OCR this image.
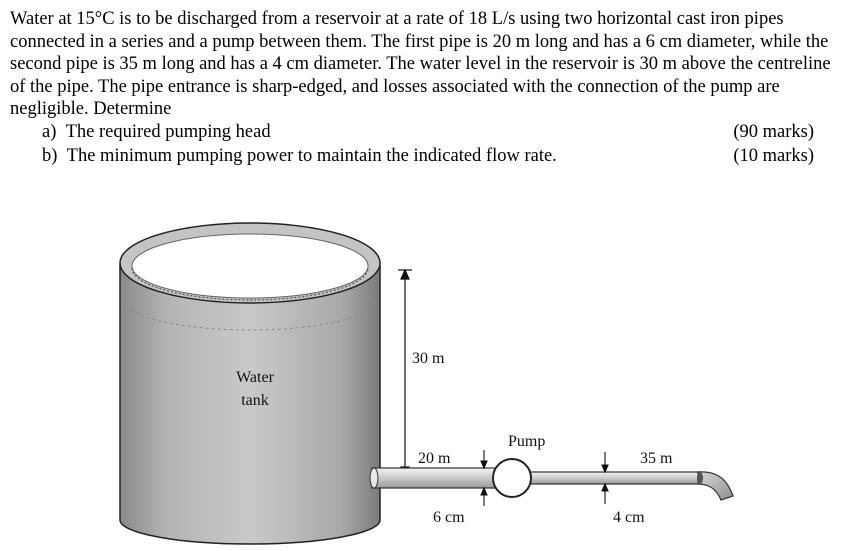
Water at 15°C is to be discharged from a reservoir at a rate of 18 L/s using two horizontal cast iron pipes connected in a series and a pump between them. The first pipe is 20 m long and has a 6 cm diameter, while the second pipe is 35 m long and has a 4 cm diameter. The water level in the reservoir is 30 m above the centreline of the pipe. The pipe entrance is sharp-edged, and losses associated with the connection of the pump are negligible. Determine

a) The required pumping head	(90 marks)
b) The minimum pumping power to maintain the indicated flow rate.	(10 marks)
Water
tank
30 m
Pump
20 m
6 cm
35 m
4 cm
